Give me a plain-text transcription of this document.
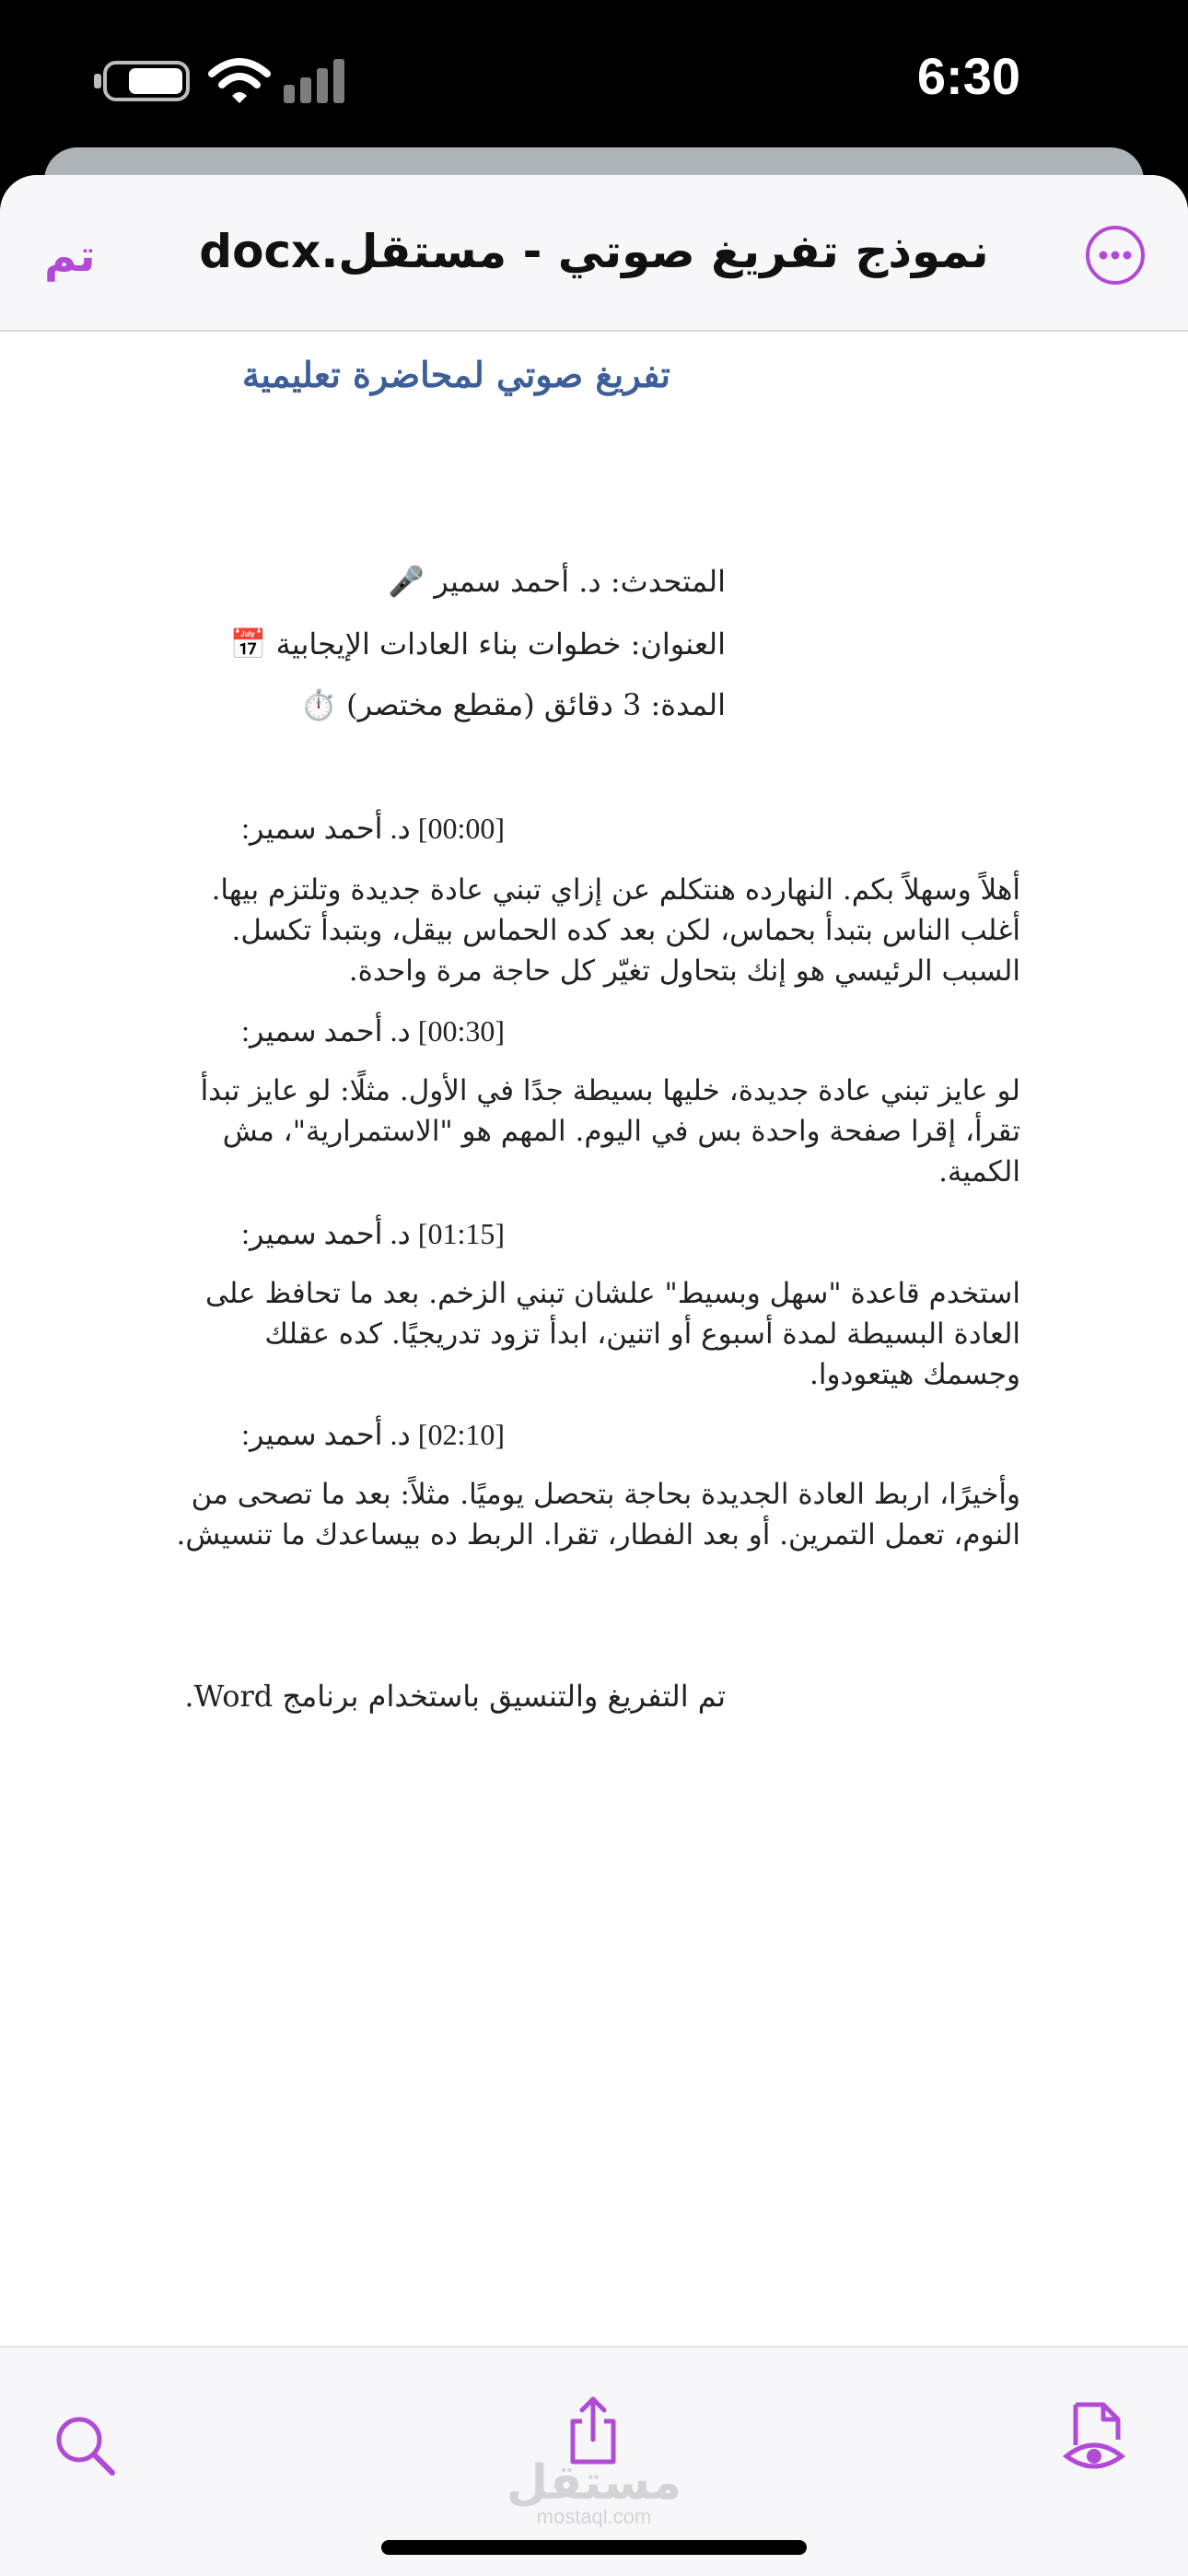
6:30
تم	نموذج تفريغ صوتي - مستقل.docx
تفريغ صوتي لمحاضرة تعليمية
المتحدث: د. أحمد سمير 🎤
العنوان: خطوات بناء العادات الإيجابية 📅
المدة: 3 دقائق (مقطع مختصر) ⏱️
[00:00] د. أحمد سمير:
أهلاً وسهلاً بكم. النهارده هنتكلم عن إزاي تبني عادة جديدة وتلتزم بيها. أغلب الناس بتبدأ بحماس، لكن بعد كده الحماس بيقل، وبتبدأ تكسل. السبب الرئيسي هو إنك بتحاول تغيّر كل حاجة مرة واحدة.
[00:30] د. أحمد سمير:
لو عايز تبني عادة جديدة، خليها بسيطة جدًا في الأول. مثلًا: لو عايز تبدأ تقرأ، إقرا صفحة واحدة بس في اليوم. المهم هو "الاستمرارية"، مش الكمية.
[01:15] د. أحمد سمير:
استخدم قاعدة "سهل وبسيط" علشان تبني الزخم. بعد ما تحافظ على العادة البسيطة لمدة أسبوع أو اتنين، ابدأ تزود تدريجيًا. كده عقلك وجسمك هيتعودوا.
[02:10] د. أحمد سمير:
وأخيرًا، اربط العادة الجديدة بحاجة بتحصل يوميًا. مثلاً: بعد ما تصحى من النوم، تعمل التمرين. أو بعد الفطار، تقرا. الربط ده بيساعدك ما تنسيش.
تم التفريغ والتنسيق باستخدام برنامج Word.
مستقل
mostaql.com
